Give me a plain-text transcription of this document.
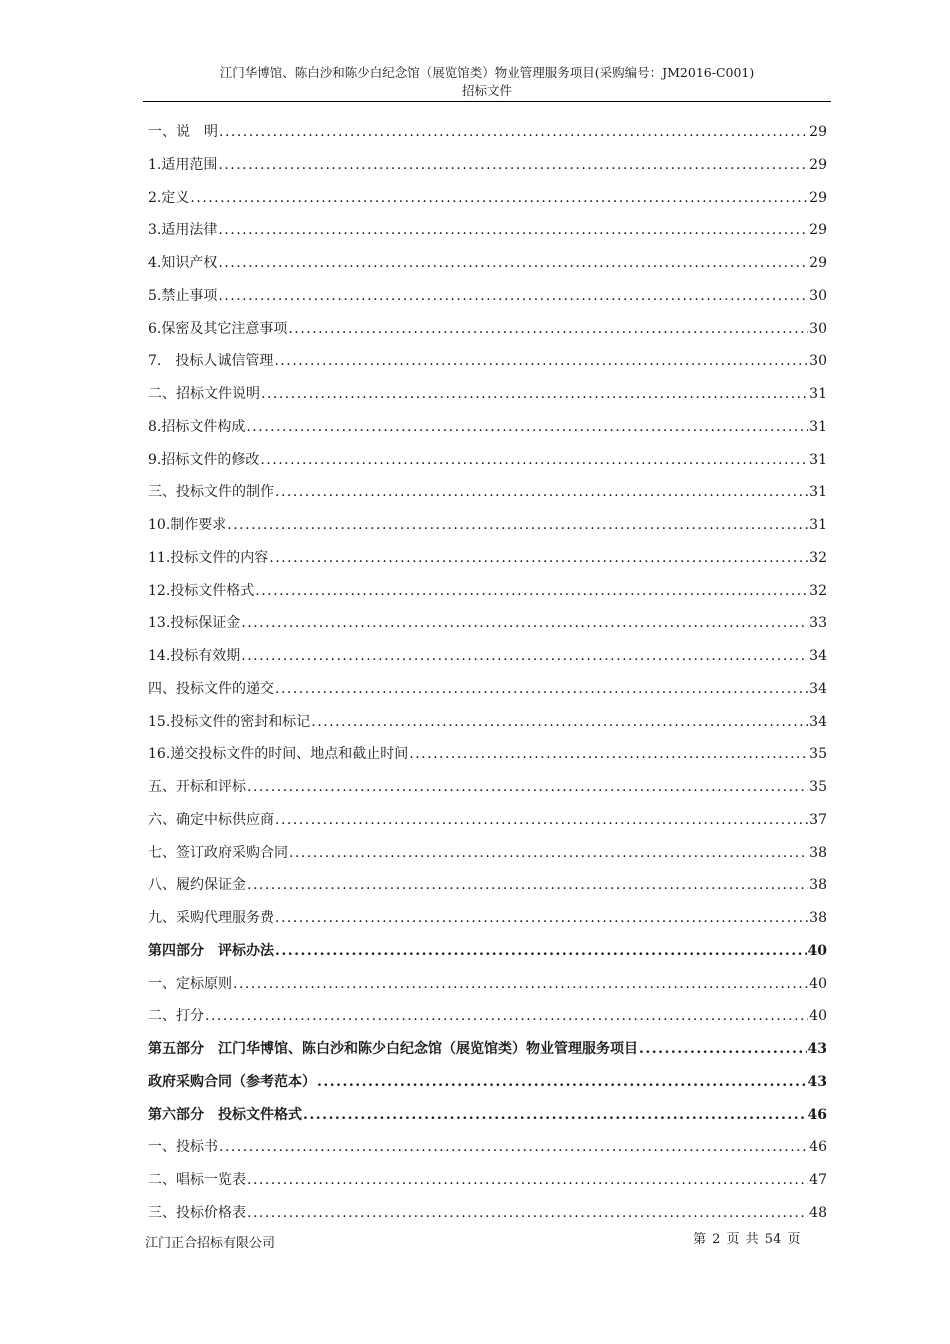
江门华博馆、陈白沙和陈少白纪念馆（展览馆类）物业管理服务项目(采购编号：JM2016-C001)
招标文件
一、说　明 .....	29
1.适用范围 .....	29
2.定义 .....	29
3.适用法律 .....	29
4.知识产权 .....	29
5.禁止事项 .....	30
6.保密及其它注意事项 .....	30
7.　投标人诚信管理 .....	30
二、招标文件说明 .....	31
8.招标文件构成 .....	31
9.招标文件的修改 .....	31
三、投标文件的制作 .....	31
10.制作要求 .....	31
11.投标文件的内容 .....	32
12.投标文件格式 .....	32
13.投标保证金 .....	33
14.投标有效期 .....	34
四、投标文件的递交 .....	34
15.投标文件的密封和标记 .....	34
16.递交投标文件的时间、地点和截止时间 .....	35
五、开标和评标 .....	35
六、确定中标供应商 .....	37
七、签订政府采购合同 .....	38
八、履约保证金 .....	38
九、采购代理服务费 .....	38
第四部分　评标办法 .....	40
一、定标原则 .....	40
二、打分 .....	40
第五部分　江门华博馆、陈白沙和陈少白纪念馆（展览馆类）物业管理服务项目 .....	43
政府采购合同（参考范本） .....	43
第六部分　投标文件格式 .....	46
一、投标书 .....	46
二、唱标一览表 .....	47
三、投标价格表 .....	48
江门正合招标有限公司	第 2 页 共 54 页
